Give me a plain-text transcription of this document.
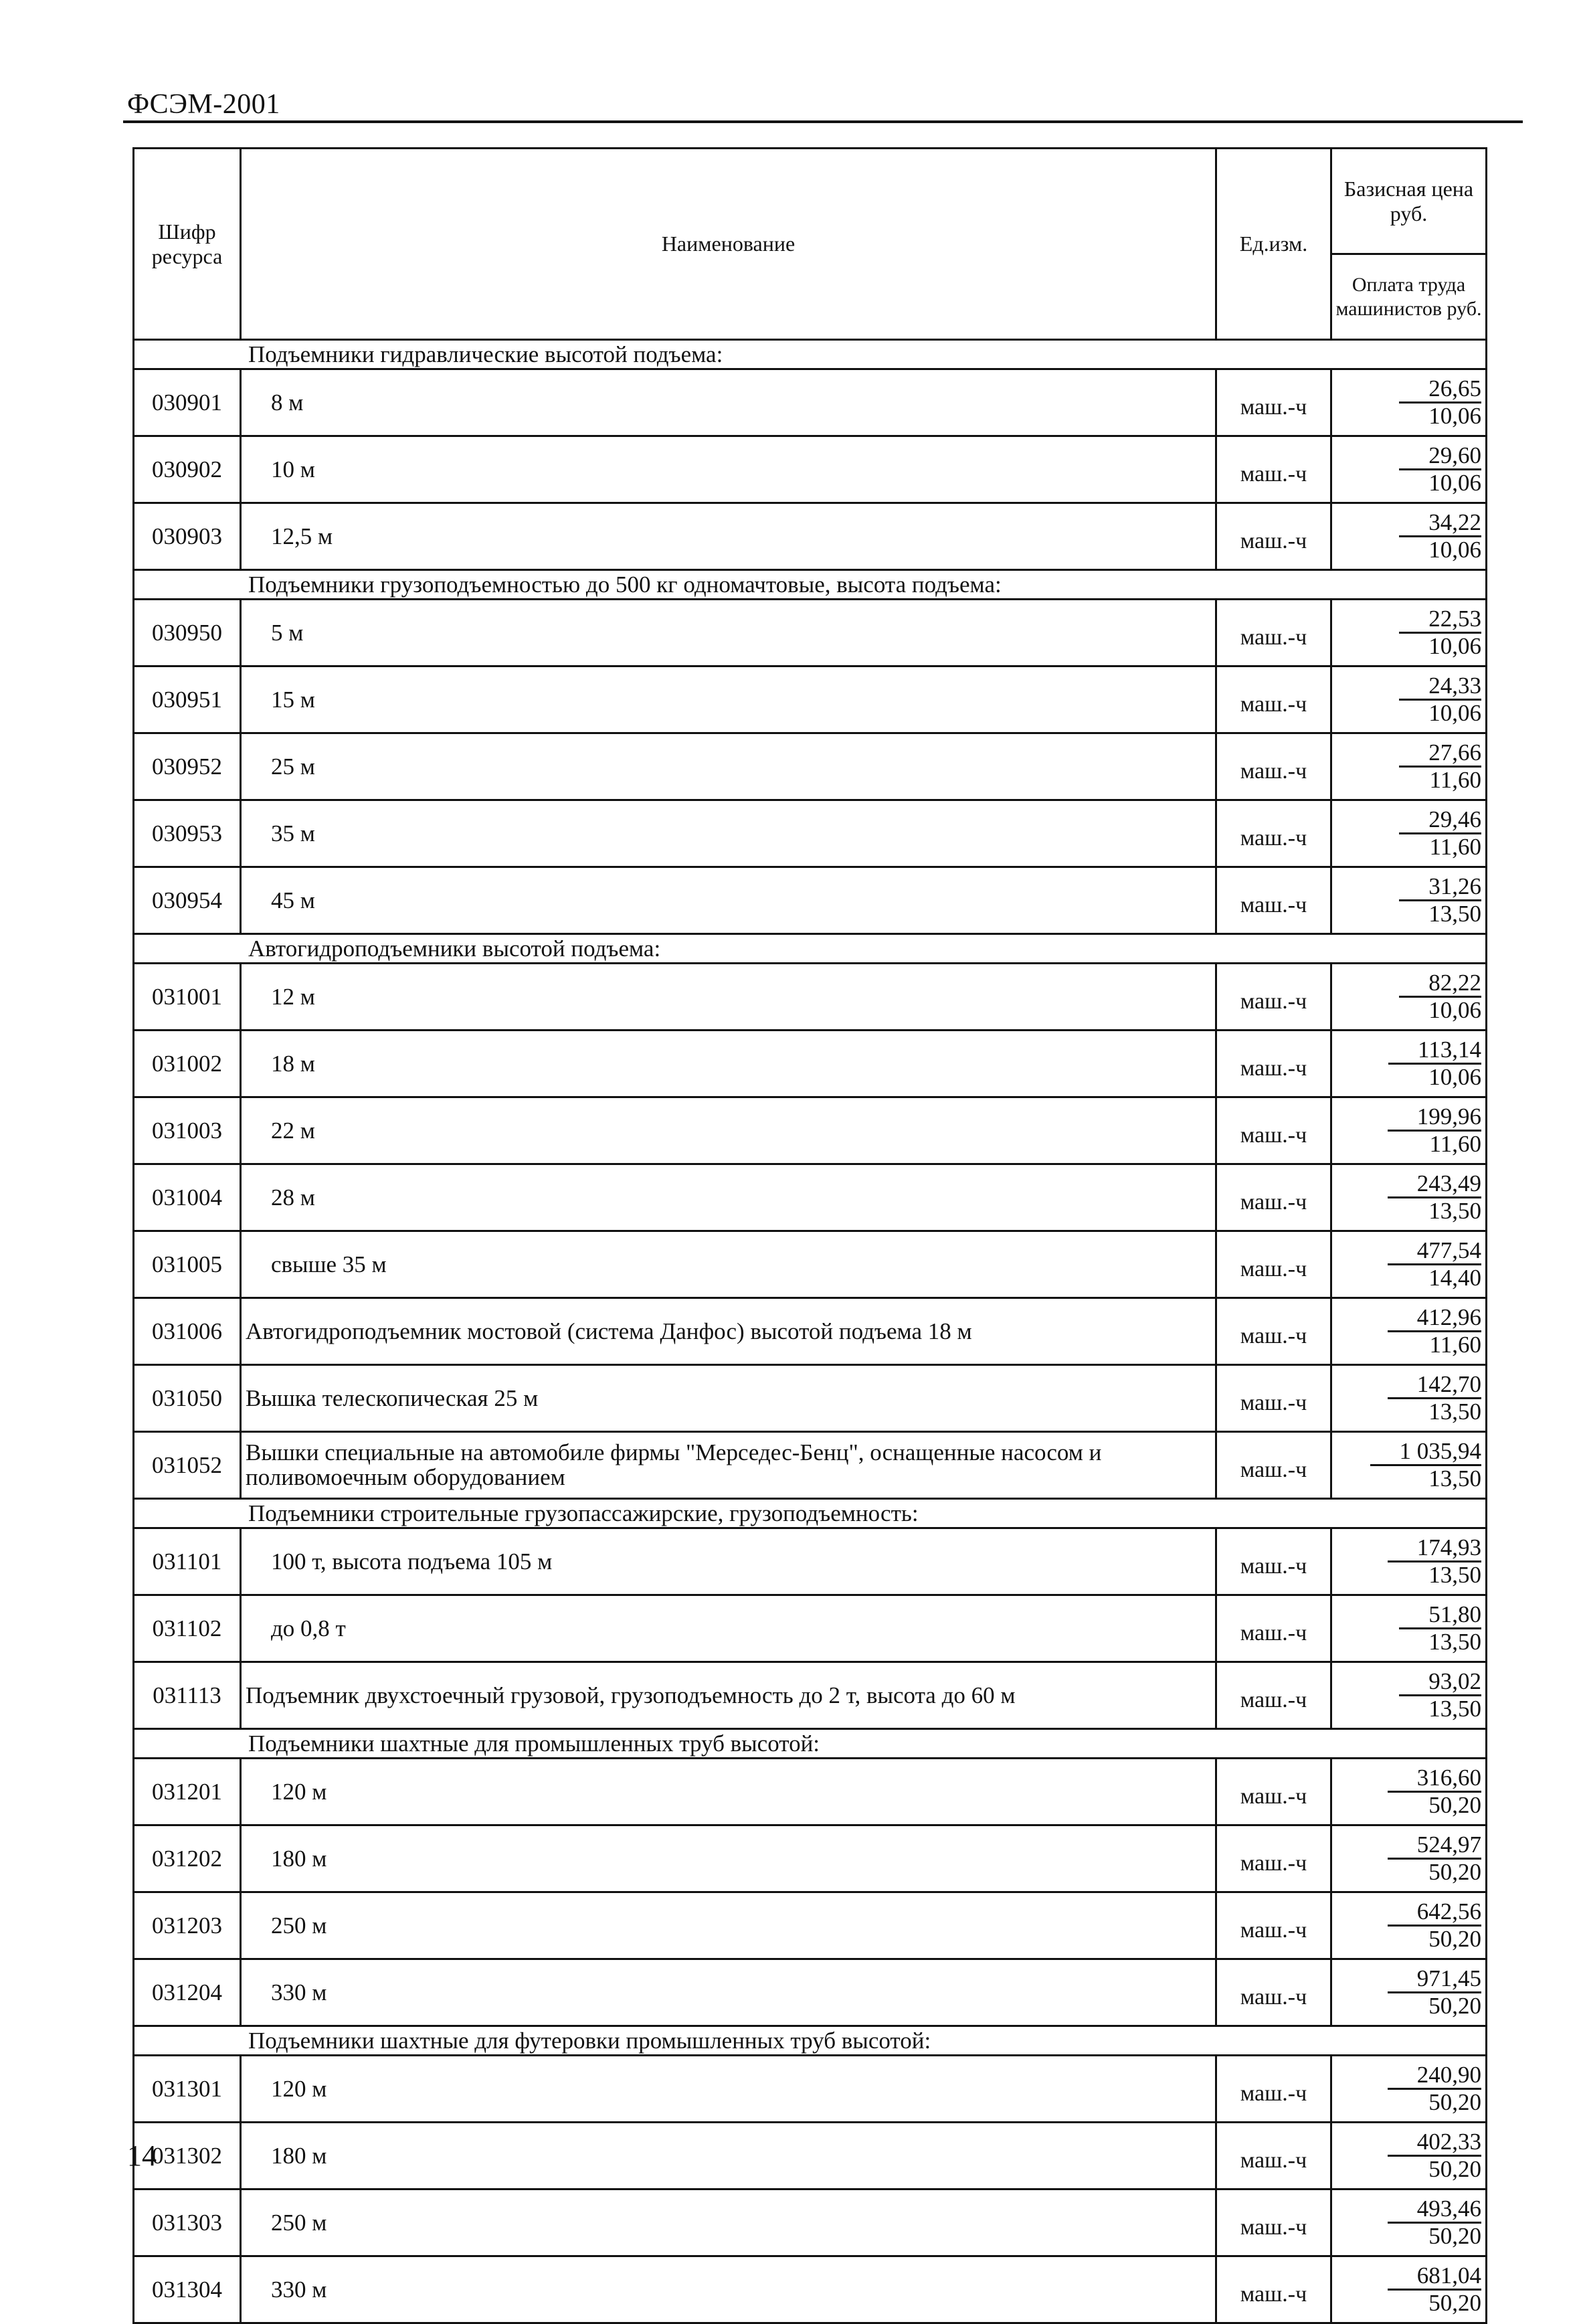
ФСЭМ-2001
Шифр ресурса	Наименование	Ед.изм.	Базисная цена руб.
			Оплата труда машинистов руб.
Подъемники гидравлические высотой подъема:			
030901	8 м	маш.-ч	26,65
10,06

030902	10 м	маш.-ч	29,60
10,06

030903	12,5 м	маш.-ч	34,22
10,06

Подъемники грузоподъемностью до 500 кг одномачтовые, высота подъема:			
030950	5 м	маш.-ч	22,53
10,06

030951	15 м	маш.-ч	24,33
10,06

030952	25 м	маш.-ч	27,66
11,60

030953	35 м	маш.-ч	29,46
11,60

030954	45 м	маш.-ч	31,26
13,50

Автогидроподъемники высотой подъема:			
031001	12 м	маш.-ч	82,22
10,06

031002	18 м	маш.-ч	113,14
10,06

031003	22 м	маш.-ч	199,96
11,60

031004	28 м	маш.-ч	243,49
13,50

031005	свыше 35 м	маш.-ч	477,54
14,40

031006	Автогидроподъемник мостовой (система Данфос) высотой подъема 18 м	маш.-ч	412,96
11,60

031050	Вышка телескопическая 25 м	маш.-ч	142,70
13,50

031052	Вышки специальные на автомобиле фирмы "Мерседес-Бенц", оснащенные насосом и поливомоечным оборудованием	маш.-ч	1 035,94
13,50

Подъемники строительные грузопассажирские, грузоподъемность:			
031101	100 т, высота подъема 105 м	маш.-ч	174,93
13,50

031102	до 0,8 т	маш.-ч	51,80
13,50

031113	Подъемник двухстоечный грузовой, грузоподъемность до 2 т, высота до 60 м	маш.-ч	93,02
13,50

Подъемники шахтные для промышленных труб высотой:			
031201	120 м	маш.-ч	316,60
50,20

031202	180 м	маш.-ч	524,97
50,20

031203	250 м	маш.-ч	642,56
50,20

031204	330 м	маш.-ч	971,45
50,20

Подъемники шахтные для футеровки промышленных труб высотой:			
031301	120 м	маш.-ч	240,90
50,20

031302	180 м	маш.-ч	402,33
50,20

031303	250 м	маш.-ч	493,46
50,20

031304	330 м	маш.-ч	681,04
50,20
14
